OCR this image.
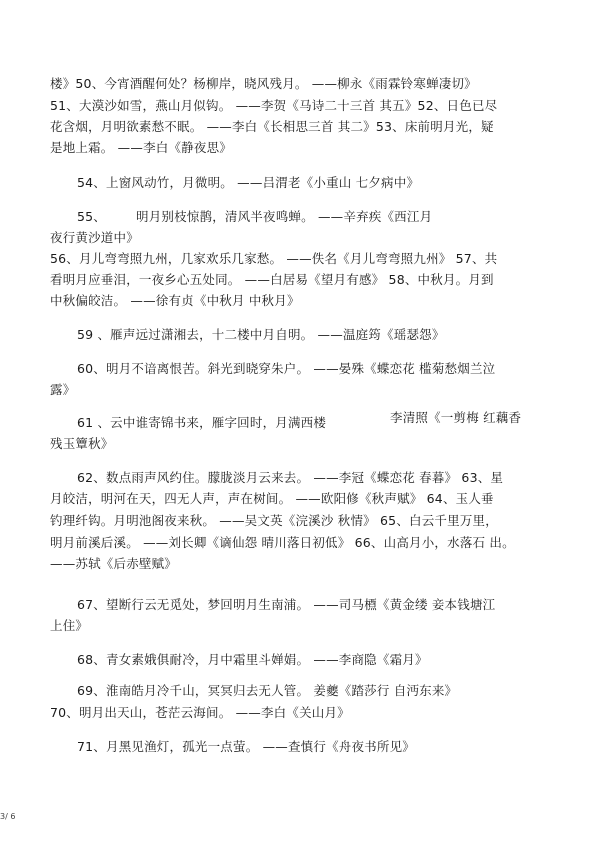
楼》50、今宵酒醒何处？杨柳岸，晓风残月。 ——柳永《雨霖铃寒蝉凄切》
51、大漠沙如雪，燕山月似钩。 ——李贺《马诗二十三首 其五》52、日色已尽
花含烟，月明欲素愁不眠。 ——李白《长相思三首 其二》53、床前明月光，疑
是地上霜。 ——李白《静夜思》
54、上窗风动竹，月微明。 ——吕渭老《小重山 七夕病中》
55、 明月别枝惊鹊，清风半夜鸣蝉。 ——辛弃疾《西江月
夜行黄沙道中》
56、月儿弯弯照九州，几家欢乐几家愁。 ——佚名《月儿弯弯照九州》 57、共
看明月应垂泪，一夜乡心五处同。 ——白居易《望月有感》 58、中秋月。月到
中秋偏皎洁。 ——徐有贞《中秋月 中秋月》
59 、雁声远过潇湘去，十二楼中月自明。 ——温庭筠《瑶瑟怨》
60、明月不谙离恨苦。斜光到晓穿朱户。 ——晏殊《蝶恋花 槛菊愁烟兰泣
露》
61 、云中谁寄锦书来，雁字回时，月满西楼	李清照《一剪梅 红藕香
残玉簟秋》
62、数点雨声风约住。朦胧淡月云来去。 ——李冠《蝶恋花 春暮》 63、星
月皎洁，明河在天，四无人声，声在树间。 ——欧阳修《秋声赋》 64、玉人垂
钓理纤钩。月明池阁夜来秋。 ——吴文英《浣溪沙 秋情》 65、白云千里万里，
明月前溪后溪。 ——刘长卿《谪仙怨 晴川落日初低》 66、山高月小，水落石 出。
——苏轼《后赤壁赋》
67、望断行云无觅处，梦回明月生南浦。 ——司马槱《黄金缕 妾本钱塘江
上住》
68、青女素娥俱耐冷，月中霜里斗婵娟。 ——李商隐《霜月》
69、淮南皓月冷千山，冥冥归去无人管。 姜夔《踏莎行 自沔东来》
70、明月出天山，苍茫云海间。 ——李白《关山月》
71、月黑见渔灯，孤光一点萤。 ——查慎行《舟夜书所见》
3/ 6
